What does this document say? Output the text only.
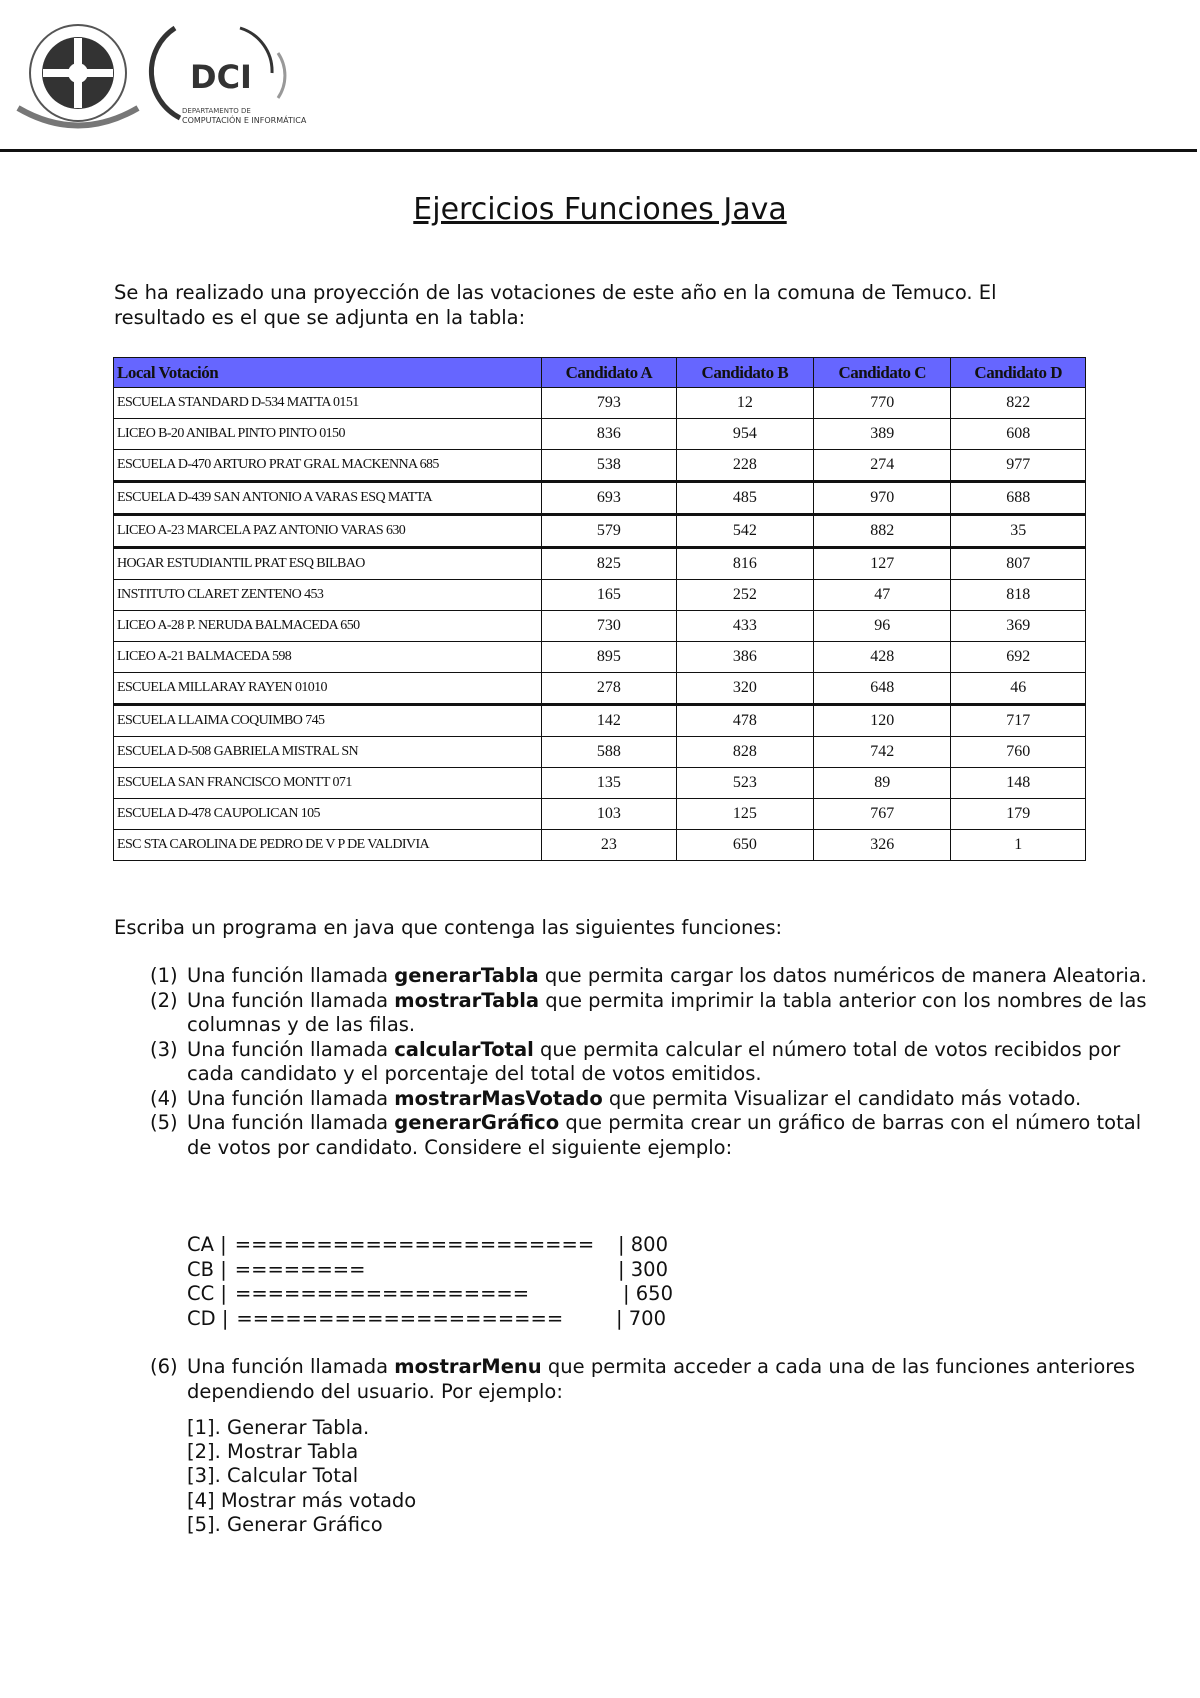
DCI
DEPARTAMENTO DE
COMPUTACIÓN E INFORMÁTICA
Ejercicios Funciones Java
Se ha realizado una proyección de las votaciones de este año en la comuna de Temuco. El resultado es el que se adjunta en la tabla:
Local Votación	Candidato A	Candidato B	Candidato C	Candidato D
ESCUELA STANDARD D-534 MATTA 0151	793	12	770	822
LICEO B-20 ANIBAL PINTO PINTO 0150	836	954	389	608
ESCUELA D-470 ARTURO PRAT GRAL MACKENNA 685	538	228	274	977
ESCUELA D-439 SAN ANTONIO A VARAS ESQ MATTA	693	485	970	688
LICEO A-23 MARCELA PAZ ANTONIO VARAS 630	579	542	882	35
HOGAR ESTUDIANTIL PRAT ESQ BILBAO	825	816	127	807
INSTITUTO CLARET ZENTENO 453	165	252	47	818
LICEO A-28 P. NERUDA BALMACEDA 650	730	433	96	369
LICEO A-21 BALMACEDA 598	895	386	428	692
ESCUELA MILLARAY RAYEN 01010	278	320	648	46
ESCUELA LLAIMA COQUIMBO 745	142	478	120	717
ESCUELA D-508 GABRIELA MISTRAL SN	588	828	742	760
ESCUELA SAN FRANCISCO MONTT 071	135	523	89	148
ESCUELA D-478 CAUPOLICAN 105	103	125	767	179
ESC STA CAROLINA DE PEDRO DE V P DE VALDIVIA	23	650	326	1
Escriba un programa en java que contenga las siguientes funciones:
(1) Una función llamada generarTabla que permita cargar los datos numéricos de manera Aleatoria.
(2) Una función llamada mostrarTabla que permita imprimir la tabla anterior con los nombres de las columnas y de las filas.
(3) Una función llamada calcularTotal que permita calcular el número total de votos recibidos por cada candidato y el porcentaje del total de votos emitidos.
(4) Una función llamada mostrarMasVotado que permita Visualizar el candidato más votado.
(5) Una función llamada generarGráfico que permita crear un gráfico de barras con el número total de votos por candidato. Considere el siguiente ejemplo:
CA | ====================== | 800
CB | ========	| 300
CC | ==================	| 650
CD | ====================	| 700
(6) Una función llamada mostrarMenu que permita acceder a cada una de las funciones anteriores dependiendo del usuario. Por ejemplo:
[1]. Generar Tabla.
[2]. Mostrar Tabla
[3]. Calcular Total
[4] Mostrar más votado
[5]. Generar Gráfico
